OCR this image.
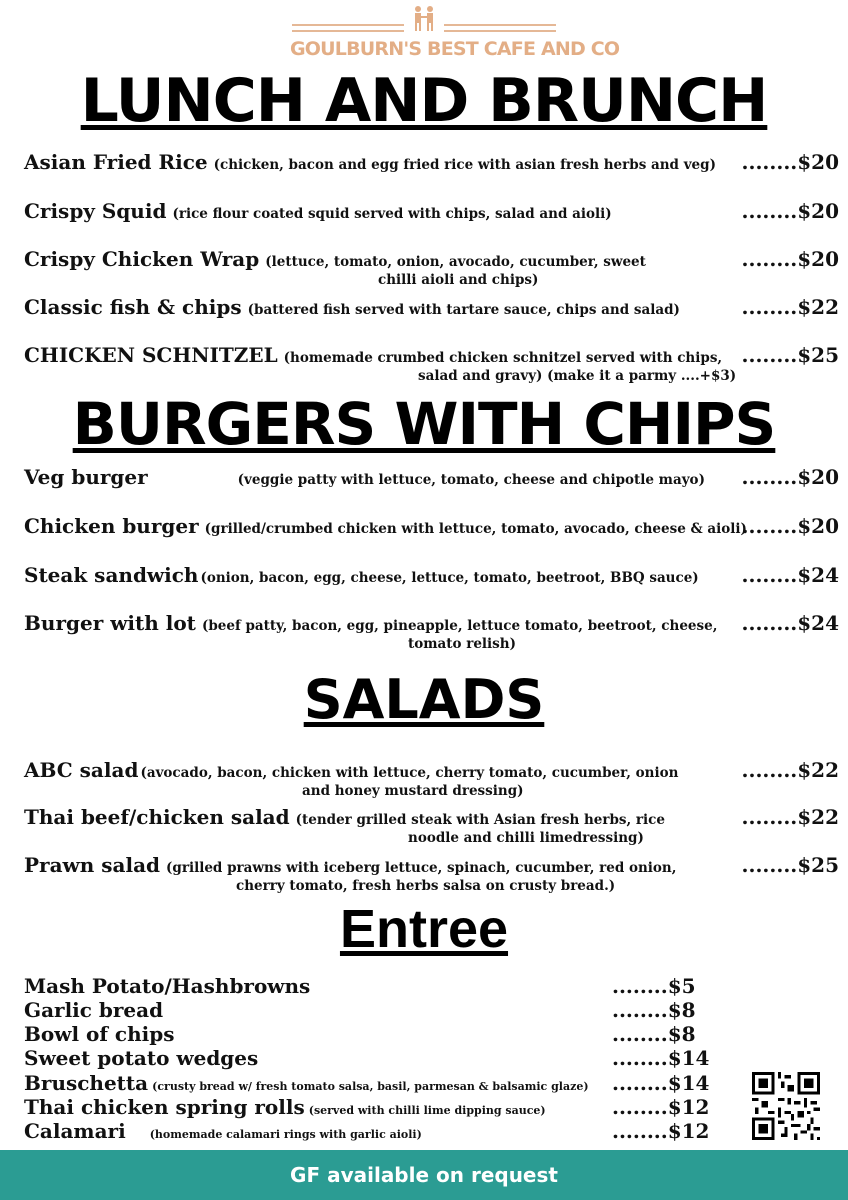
GOULBURN'S BEST CAFE AND CO
LUNCH AND BRUNCH
BURGERS WITH CHIPS
SALADS
Entree
Asian Fried Rice (chicken, bacon and egg fried rice with asian fresh herbs and veg) ........$20
Crispy Squid (rice flour coated squid served with chips, salad and aioli)	........$20
Crispy Chicken Wrap (lettuce, tomato, onion, avocado, cucumber, sweet
chilli aioli and chips)
........$20
Classic fish & chips (battered fish served with tartare sauce, chips and salad)	........$22
CHICKEN SCHNITZEL (homemade crumbed chicken schnitzel served with chips,
salad and gravy) (make it a parmy ....+$3)
........$25
Veg burger	(veggie patty with lettuce, tomato, cheese and chipotle mayo) ........$20
Chicken burger (grilled/crumbed chicken with lettuce, tomato, avocado, cheese & aioli)
........$20
Steak sandwich (onion, bacon, egg, cheese, lettuce, tomato, beetroot, BBQ sauce) ........$24
Burger with lot (beef patty, bacon, egg, pineapple, lettuce tomato, beetroot, cheese,
tomato relish)
........$24
ABC salad (avocado, bacon, chicken with lettuce, cherry tomato, cucumber, onion
and honey mustard dressing)
........$22
Thai beef/chicken salad (tender grilled steak with Asian fresh herbs, rice
noodle and chilli limedressing)
........$22
Prawn salad (grilled prawns with iceberg lettuce, spinach, cucumber, red onion,
cherry tomato, fresh herbs salsa on crusty bread.)
........$25
Mash Potato/Hashbrowns	........$5
Garlic bread	........$8
Bowl of chips	........$8
Sweet potato wedges	........$14
Bruschetta (crusty bread w/ fresh tomato salsa, basil, parmesan & balsamic glaze) ........$14
Thai chicken spring rolls (served with chilli lime dipping sauce)	........$12
Calamari (homemade calamari rings with garlic aioli)	........$12
GF available on request
